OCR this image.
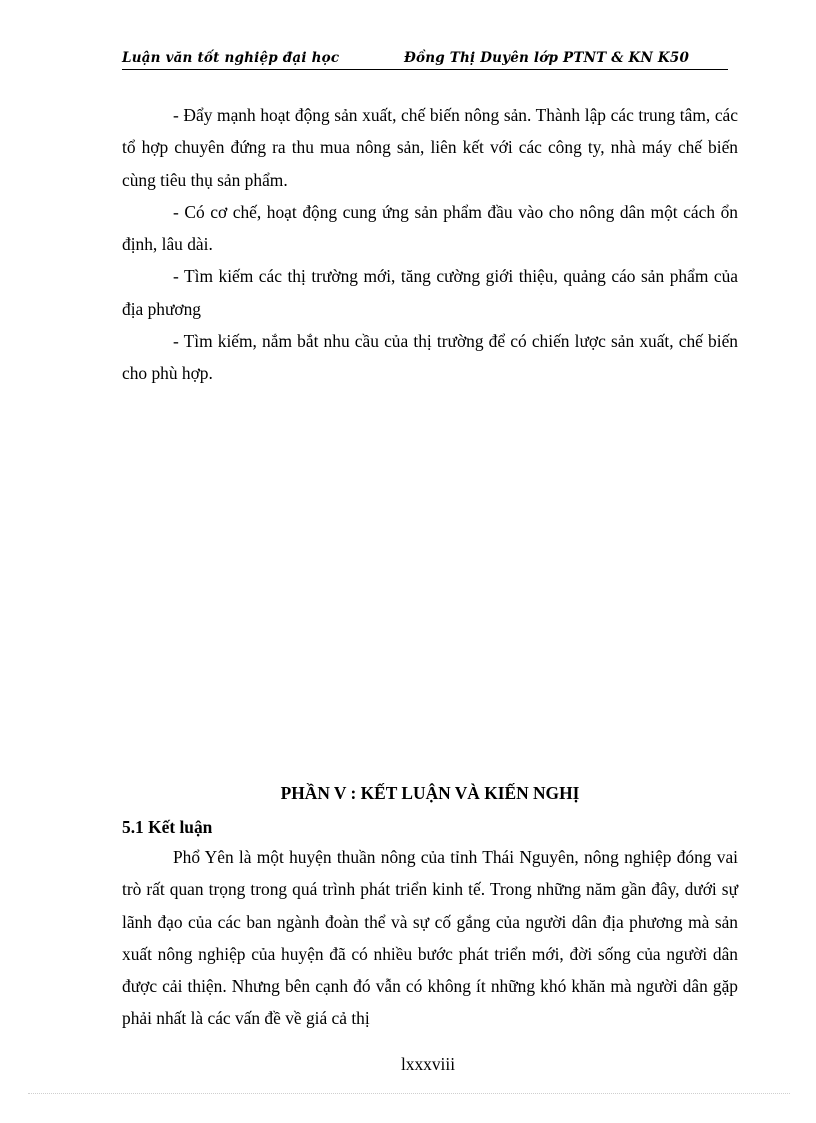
Luận văn tốt nghiệp đại học	Đồng Thị Duyên lớp PTNT & KN K50

- Đẩy mạnh hoạt động sản xuất, chế biến nông sản. Thành lập các trung tâm, các tổ hợp chuyên đứng ra thu mua nông sản, liên kết với các công ty, nhà máy chế biến cùng tiêu thụ sản phẩm.

- Có cơ chế, hoạt động cung ứng sản phẩm đầu vào cho nông dân một cách ổn định, lâu dài.

- Tìm kiếm các thị trường mới, tăng cường giới thiệu, quảng cáo sản phẩm của địa phương

- Tìm kiếm, nắm bắt nhu cầu của thị trường để có chiến lược sản xuất, chế biến cho phù hợp.

PHẦN V : KẾT LUẬN VÀ KIẾN NGHỊ
5.1 Kết luận

Phổ Yên là một huyện thuần nông của tỉnh Thái Nguyên, nông nghiệp đóng vai trò rất quan trọng trong quá trình phát triển kinh tế. Trong những năm gần đây, dưới sự lãnh đạo của các ban ngành đoàn thể và sự cố gắng của người dân địa phương mà sản xuất nông nghiệp của huyện đã có nhiều bước phát triển mới, đời sống của người dân được cải thiện. Nhưng bên cạnh đó vẫn có không ít những khó khăn mà người dân gặp phải nhất là các vấn đề về giá cả thị

lxxxviii
